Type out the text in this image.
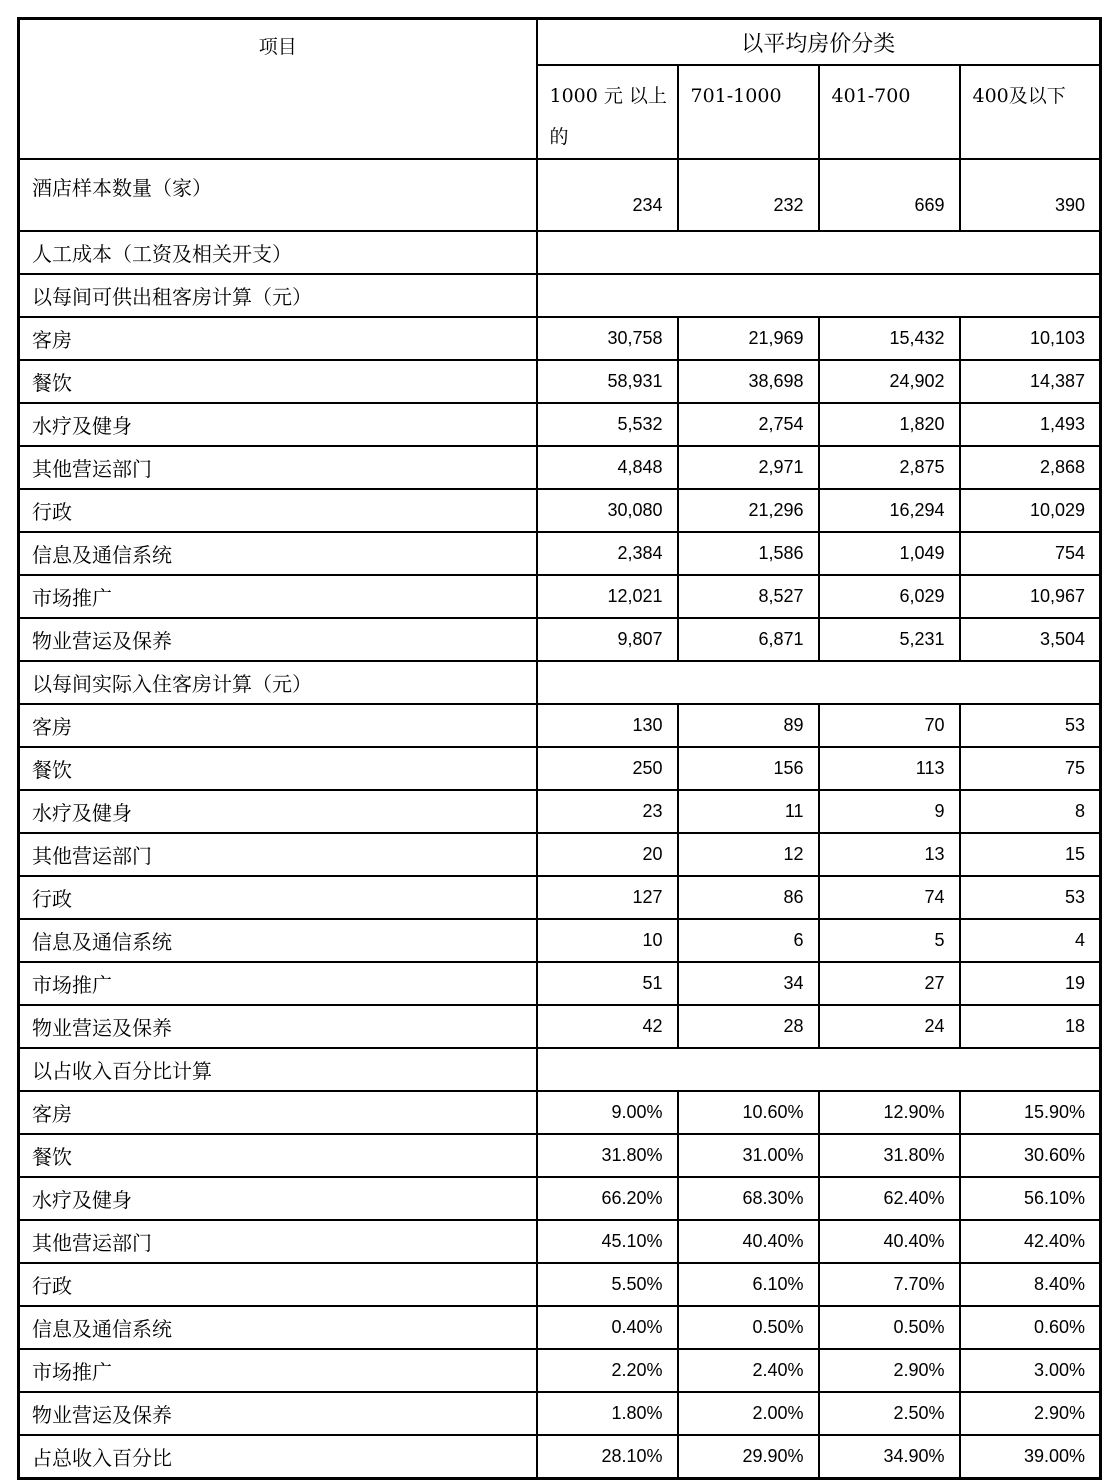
项目	以平均房价分类			
	1000 元 以上的	701-1000	401-700	400及以下
酒店样本数量（家）	234	232	669	390
人工成本（工资及相关开支）				
以每间可供出租客房计算（元）				
客房	30,758	21,969	15,432	10,103
餐饮	58,931	38,698	24,902	14,387
水疗及健身	5,532	2,754	1,820	1,493
其他营运部门	4,848	2,971	2,875	2,868
行政	30,080	21,296	16,294	10,029
信息及通信系统	2,384	1,586	1,049	754
市场推广	12,021	8,527	6,029	10,967
物业营运及保养	9,807	6,871	5,231	3,504
以每间实际入住客房计算（元）				
客房	130	89	70	53
餐饮	250	156	113	75
水疗及健身	23	11	9	8
其他营运部门	20	12	13	15
行政	127	86	74	53
信息及通信系统	10	6	5	4
市场推广	51	34	27	19
物业营运及保养	42	28	24	18
以占收入百分比计算				
客房	9.00%	10.60%	12.90%	15.90%
餐饮	31.80%	31.00%	31.80%	30.60%
水疗及健身	66.20%	68.30%	62.40%	56.10%
其他营运部门	45.10%	40.40%	40.40%	42.40%
行政	5.50%	6.10%	7.70%	8.40%
信息及通信系统	0.40%	0.50%	0.50%	0.60%
市场推广	2.20%	2.40%	2.90%	3.00%
物业营运及保养	1.80%	2.00%	2.50%	2.90%
占总收入百分比	28.10%	29.90%	34.90%	39.00%
